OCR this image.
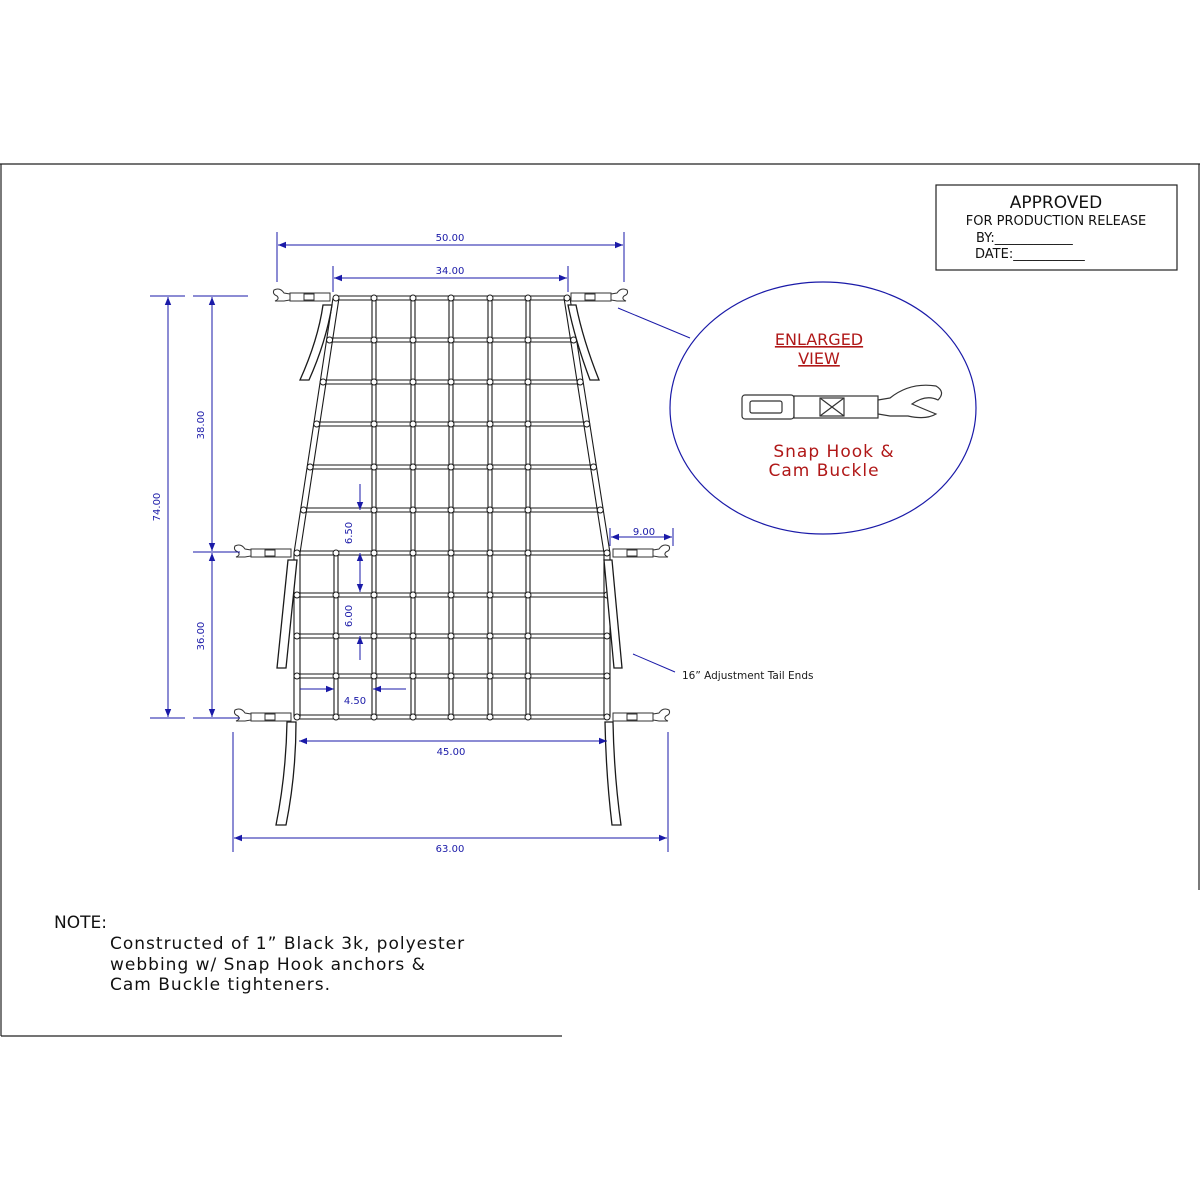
APPROVED
FOR PRODUCTION RELEASE
BY:____________
DATE:___________
50.00
34.00
74.00
38.00
36.00
6.50
6.00
4.50
9.00
45.00
63.00
16” Adjustment Tail Ends
ENLARGED
VIEW
Snap Hook &
Cam Buckle
NOTE:
Constructed of 1” Black 3k, polyester
webbing w/ Snap Hook anchors &
Cam Buckle tighteners.
